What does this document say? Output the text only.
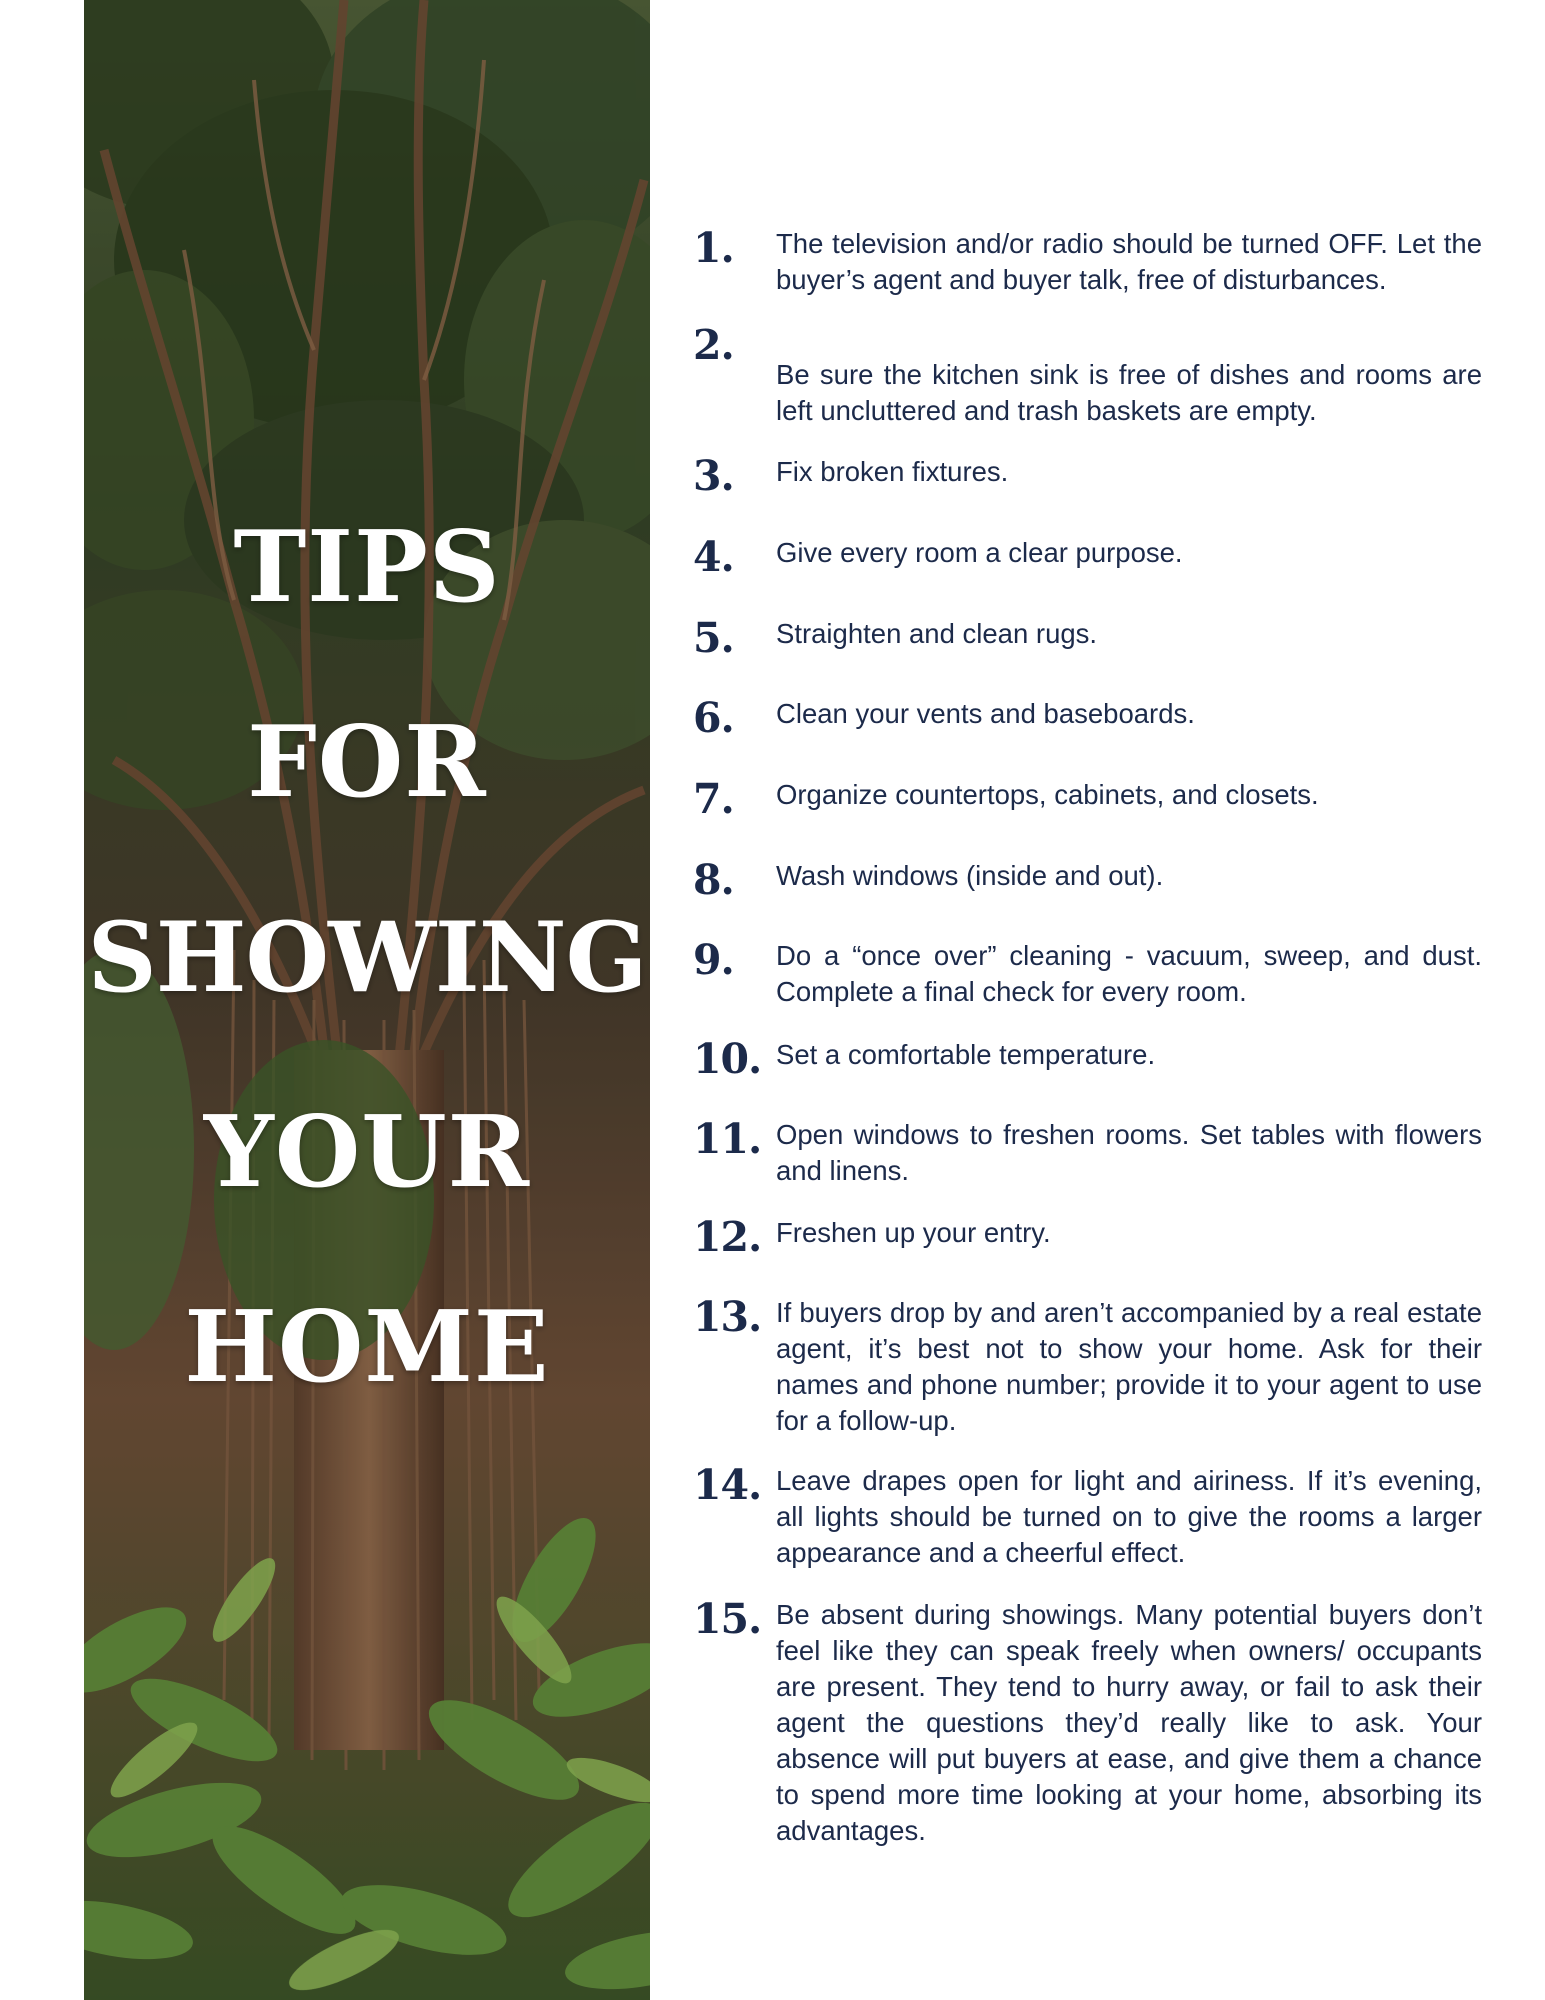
TIPS
FOR
SHOWING
YOUR
HOME
1. The television and/or radio should be turned OFF. Let the buyer’s agent and buyer talk, free of disturbances.
2.
Be sure the kitchen sink is free of dishes and rooms are left uncluttered and trash baskets are empty.
3. Fix broken fixtures.
4. Give every room a clear purpose.
5. Straighten and clean rugs.
6. Clean your vents and baseboards.
7. Organize countertops, cabinets, and closets.
8. Wash windows (inside and out).
9. Do a “once over” cleaning - vacuum, sweep, and dust. Complete a final check for every room.
10. Set a comfortable temperature.
11. Open windows to freshen rooms. Set tables with flowers and linens.
12. Freshen up your entry.
13. If buyers drop by and aren’t accompanied by a real estate agent, it’s best not to show your home. Ask for their names and phone number; provide it to your agent to use for a follow-up.
14. Leave drapes open for light and airiness. If it’s evening, all lights should be turned on to give the rooms a larger appearance and a cheerful effect.
15. Be absent during showings. Many potential buyers don’t feel like they can speak freely when owners/ occupants are present. They tend to hurry away, or fail to ask their agent the questions they’d really like to ask. Your absence will put buyers at ease, and give them a chance to spend more time looking at your home, absorbing its advantages.
